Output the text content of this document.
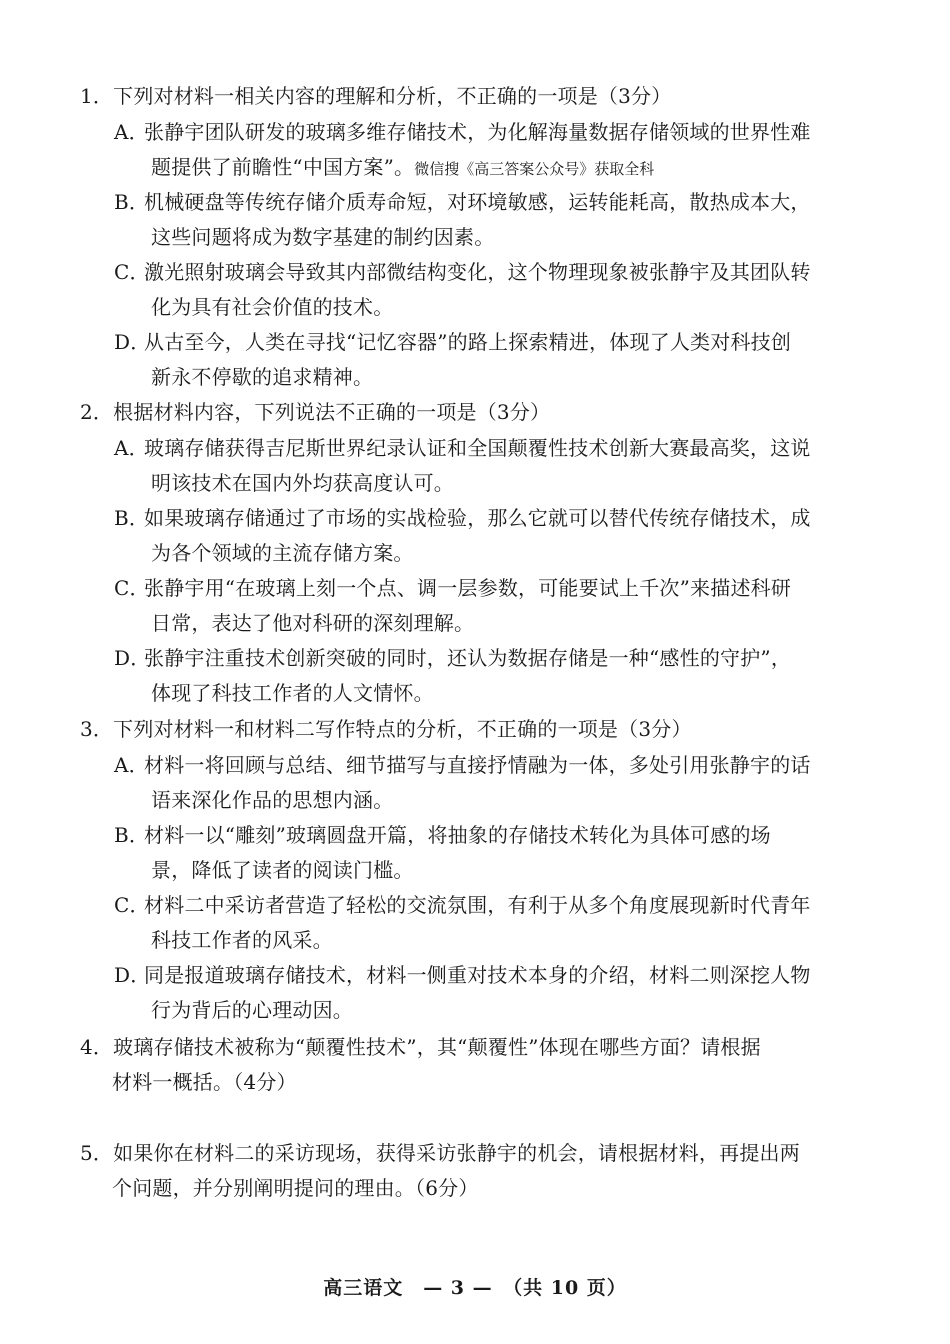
1．下列对材料一相关内容的理解和分析，不正确的一项是（3分）
A．张静宇团队研发的玻璃多维存储技术，为化解海量数据存储领域的世界性难
题提供了前瞻性“中国方案”。微信搜《高三答案公众号》获取全科
B．机械硬盘等传统存储介质寿命短，对环境敏感，运转能耗高，散热成本大，
这些问题将成为数字基建的制约因素。
C．激光照射玻璃会导致其内部微结构变化，这个物理现象被张静宇及其团队转
化为具有社会价值的技术。
D．从古至今，人类在寻找“记忆容器”的路上探索精进，体现了人类对科技创
新永不停歇的追求精神。
2．根据材料内容，下列说法不正确的一项是（3分）
A．玻璃存储获得吉尼斯世界纪录认证和全国颠覆性技术创新大赛最高奖，这说
明该技术在国内外均获高度认可。
B．如果玻璃存储通过了市场的实战检验，那么它就可以替代传统存储技术，成
为各个领域的主流存储方案。
C．张静宇用“在玻璃上刻一个点、调一层参数，可能要试上千次”来描述科研
日常，表达了他对科研的深刻理解。
D．张静宇注重技术创新突破的同时，还认为数据存储是一种“感性的守护”，
体现了科技工作者的人文情怀。
3．下列对材料一和材料二写作特点的分析，不正确的一项是（3分）
A．材料一将回顾与总结、细节描写与直接抒情融为一体，多处引用张静宇的话
语来深化作品的思想内涵。
B．材料一以“雕刻”玻璃圆盘开篇，将抽象的存储技术转化为具体可感的场
景，降低了读者的阅读门槛。
C．材料二中采访者营造了轻松的交流氛围，有利于从多个角度展现新时代青年
科技工作者的风采。
D．同是报道玻璃存储技术，材料一侧重对技术本身的介绍，材料二则深挖人物
行为背后的心理动因。
4．玻璃存储技术被称为“颠覆性技术”，其“颠覆性”体现在哪些方面？请根据
材料一概括。（4分）
5．如果你在材料二的采访现场，获得采访张静宇的机会，请根据材料，再提出两
个问题，并分别阐明提问的理由。（6分）
高三语文　— 3 —　（共 10 页）
